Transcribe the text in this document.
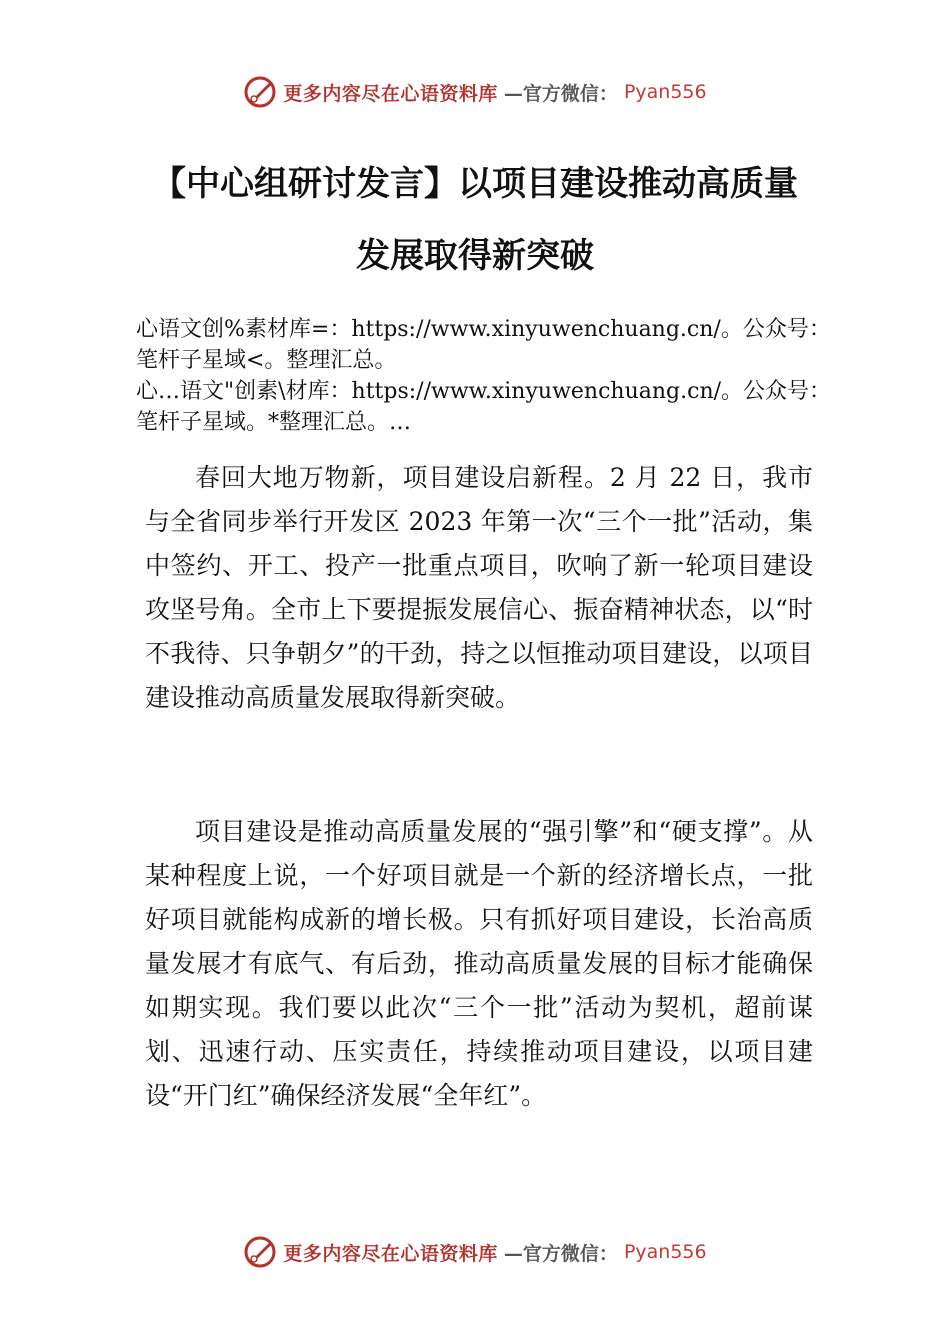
更多内容尽在心语资料库 —官方微信： Pyan556
【中心组研讨发言】以项目建设推动高质量
发展取得新突破
心语文创%素材库=：https://www.xinyuwenchuang.cn/。公众号：笔杆子星域<。整理汇总。
心…语文"创素\材库：https://www.xinyuwenchuang.cn/。公众号：笔杆子星域。*整理汇总。…

春回大地万物新，项目建设启新程。2 月 22 日，我市与全省同步举行开发区 2023 年第一次“三个一批”活动，集中签约、开工、投产一批重点项目，吹响了新一轮项目建设攻坚号角。全市上下要提振发展信心、振奋精神状态，以“时不我待、只争朝夕”的干劲，持之以恒推动项目建设，以项目建设推动高质量发展取得新突破。

项目建设是推动高质量发展的“强引擎”和“硬支撑”。从某种程度上说，一个好项目就是一个新的经济增长点，一批好项目就能构成新的增长极。只有抓好项目建设，长治高质量发展才有底气、有后劲，推动高质量发展的目标才能确保如期实现。我们要以此次“三个一批”活动为契机，超前谋划、迅速行动、压实责任，持续推动项目建设，以项目建设“开门红”确保经济发展“全年红”。

更多内容尽在心语资料库 —官方微信： Pyan556
